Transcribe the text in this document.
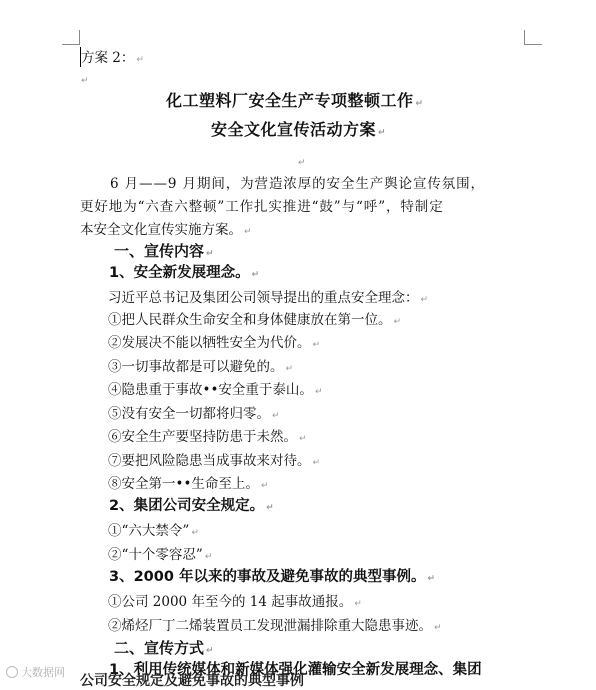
方案 2： ↵
↵
化工塑料厂安全生产专项整顿工作 ↵
安全文化宣传活动方案 ↵
↵
6 月——9 月期间，为营造浓厚的安全生产舆论宣传氛围，
更好地为“六查六整顿”工作扎实推进“鼓”与“呼”，特制定
本安全文化宣传实施方案。 ↵
一、宣传内容 ↵
1、安全新发展理念。 ↵
习近平总书记及集团公司领导提出的重点安全理念： ↵
①把人民群众生命安全和身体健康放在第一位。 ↵
②发展决不能以牺牲安全为代价。 ↵
③一切事故都是可以避免的。 ↵
④隐患重于事故••安全重于泰山。 ↵
⑤没有安全一切都将归零。 ↵
⑥安全生产要坚持防患于未然。 ↵
⑦要把风险隐患当成事故来对待。 ↵
⑧安全第一••生命至上。 ↵
2、集团公司安全规定。 ↵
①“六大禁令” ↵
②“十个零容忍” ↵
3、2000 年以来的事故及避免事故的典型事例。 ↵
①公司 2000 年至今的 14 起事故通报。 ↵
②烯烃厂丁二烯装置员工发现泄漏排除重大隐患事迹。 ↵
二、宣传方式 ↵
1、利用传统媒体和新媒体强化灌输安全新发展理念、集团
公司安全规定及避免事故的典型事例
大数据网
